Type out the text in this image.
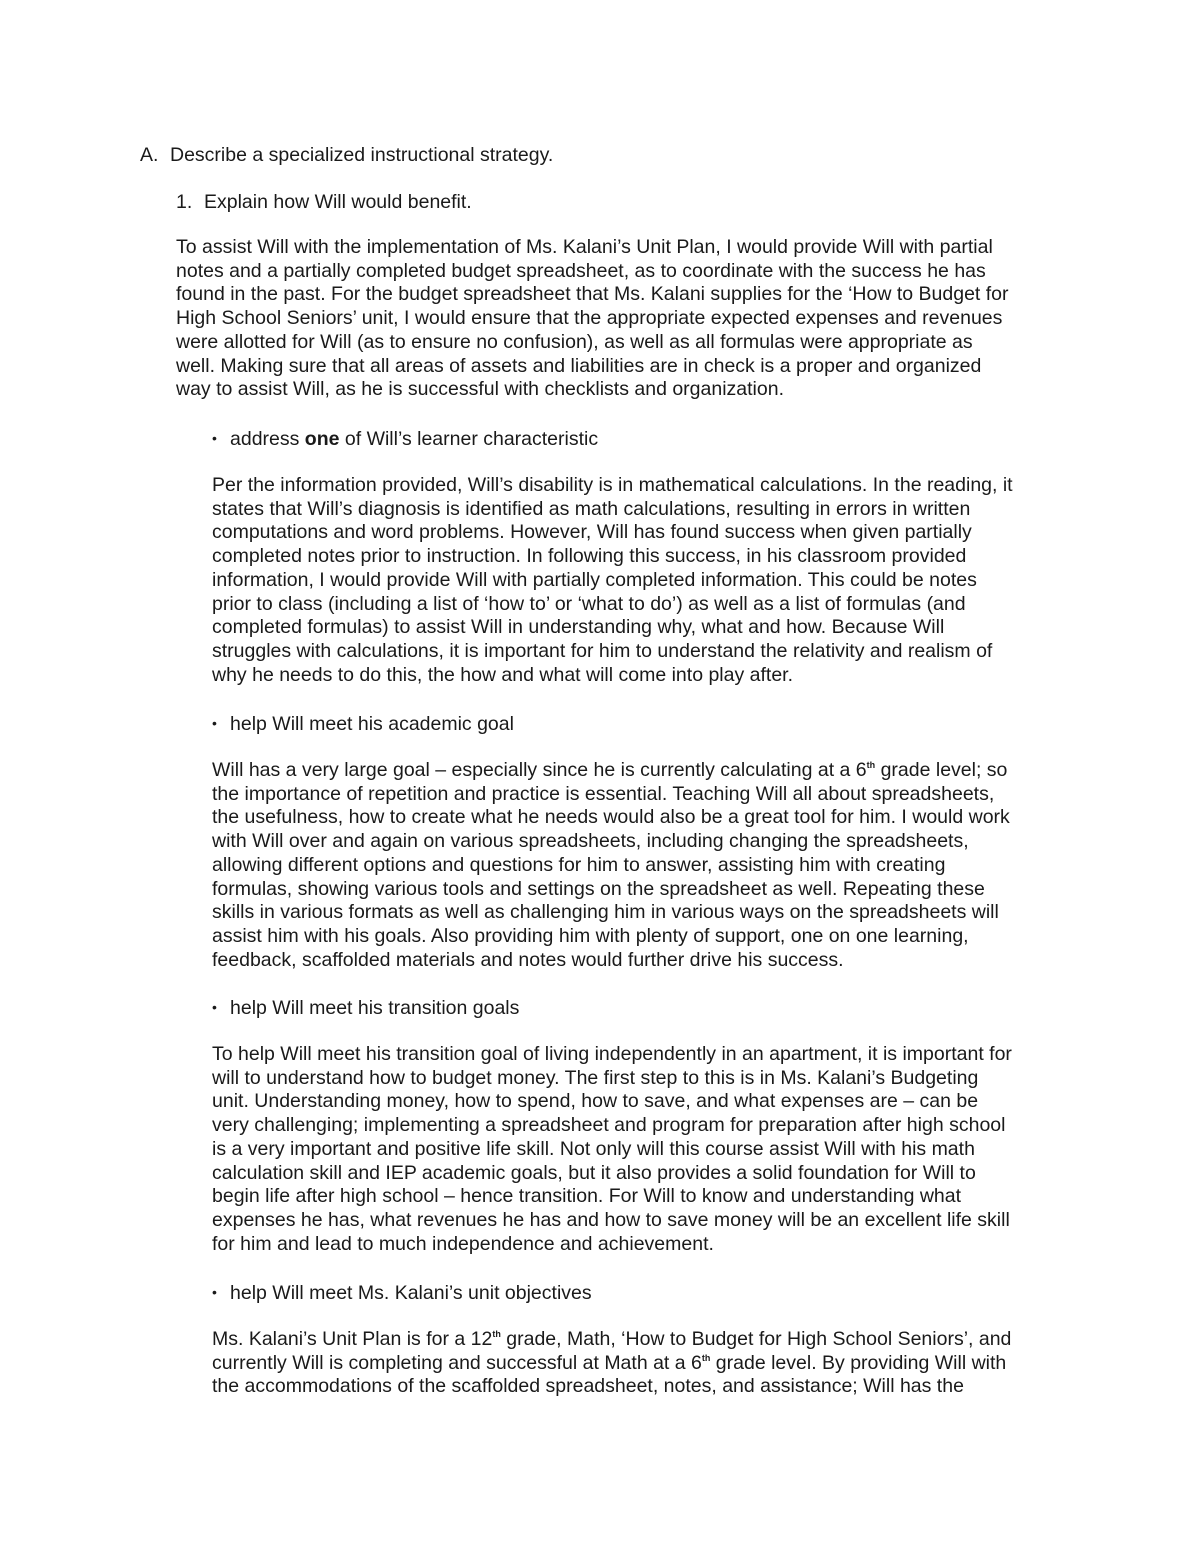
A. Describe a specialized instructional strategy.
1. Explain how Will would benefit.
To assist Will with the implementation of Ms. Kalani’s Unit Plan, I would provide Will with partial
notes and a partially completed budget spreadsheet, as to coordinate with the success he has
found in the past. For the budget spreadsheet that Ms. Kalani supplies for the ‘How to Budget for
High School Seniors’ unit, I would ensure that the appropriate expected expenses and revenues
were allotted for Will (as to ensure no confusion), as well as all formulas were appropriate as
well. Making sure that all areas of assets and liabilities are in check is a proper and organized
way to assist Will, as he is successful with checklists and organization.
• address one of Will’s learner characteristic
Per the information provided, Will’s disability is in mathematical calculations. In the reading, it
states that Will’s diagnosis is identified as math calculations, resulting in errors in written
computations and word problems. However, Will has found success when given partially
completed notes prior to instruction. In following this success, in his classroom provided
information, I would provide Will with partially completed information. This could be notes
prior to class (including a list of ‘how to’ or ‘what to do’) as well as a list of formulas (and
completed formulas) to assist Will in understanding why, what and how. Because Will
struggles with calculations, it is important for him to understand the relativity and realism of
why he needs to do this, the how and what will come into play after.
• help Will meet his academic goal
Will has a very large goal – especially since he is currently calculating at a 6th grade level; so
the importance of repetition and practice is essential. Teaching Will all about spreadsheets,
the usefulness, how to create what he needs would also be a great tool for him. I would work
with Will over and again on various spreadsheets, including changing the spreadsheets,
allowing different options and questions for him to answer, assisting him with creating
formulas, showing various tools and settings on the spreadsheet as well. Repeating these
skills in various formats as well as challenging him in various ways on the spreadsheets will
assist him with his goals. Also providing him with plenty of support, one on one learning,
feedback, scaffolded materials and notes would further drive his success.
• help Will meet his transition goals
To help Will meet his transition goal of living independently in an apartment, it is important for
will to understand how to budget money. The first step to this is in Ms. Kalani’s Budgeting
unit. Understanding money, how to spend, how to save, and what expenses are – can be
very challenging; implementing a spreadsheet and program for preparation after high school
is a very important and positive life skill. Not only will this course assist Will with his math
calculation skill and IEP academic goals, but it also provides a solid foundation for Will to
begin life after high school – hence transition. For Will to know and understanding what
expenses he has, what revenues he has and how to save money will be an excellent life skill
for him and lead to much independence and achievement.
• help Will meet Ms. Kalani’s unit objectives
Ms. Kalani’s Unit Plan is for a 12th grade, Math, ‘How to Budget for High School Seniors’, and
currently Will is completing and successful at Math at a 6th grade level. By providing Will with
the accommodations of the scaffolded spreadsheet, notes, and assistance; Will has the
